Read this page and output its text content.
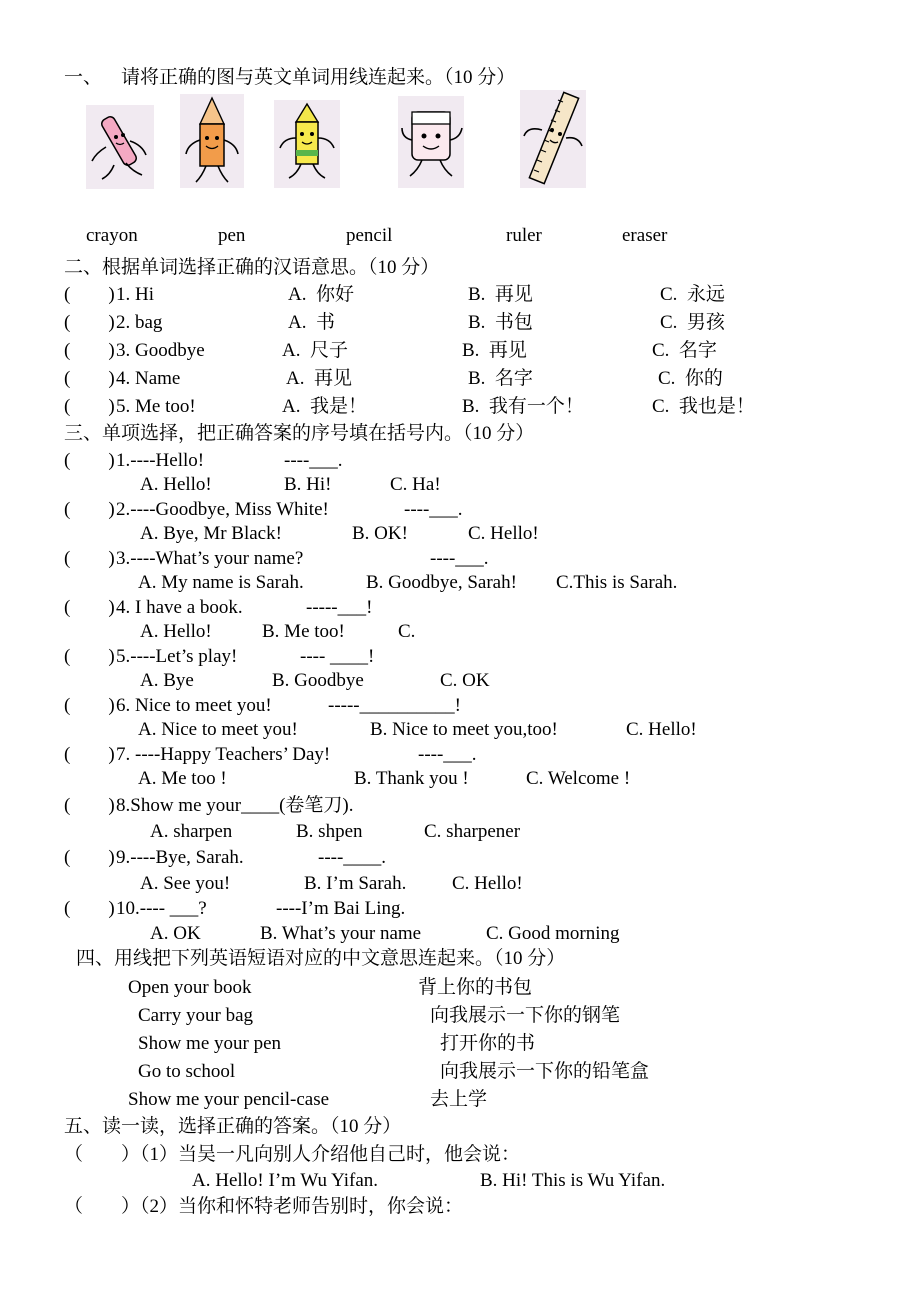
一、    请将正确的图与英文单词用线连起来。（10 分）
crayon	pen	pencil	ruler	eraser
二、根据单词选择正确的汉语意思。（10 分）
(        ) 1. Hi	A.  你好	B.  再见	C.  永远
(        ) 2. bag	A.  书	B.  书包	C.  男孩
(        ) 3. Goodbye	A.  尺子	B.  再见	C.  名字
(        ) 4. Name	A.  再见	B.  名字	C.  你的
(        ) 5. Me too!	A.  我是！	B.  我有一个！	C.  我也是！
三、单项选择，把正确答案的序号填在括号内。（10 分）
(        ) 1.----Hello!	----___.
A. Hello!	B. Hi!	C. Ha!
(        ) 2.----Goodbye, Miss White!	----___.
A. Bye, Mr Black!	B. OK!	C. Hello!
(        ) 3.----What’s your name?	----___.
A. My name is Sarah.	B. Goodbye, Sarah! C.This is Sarah.
(        ) 4. I have a book.	-----___!
A. Hello!	B. Me too!	C.
(        ) 5.----Let’s play!	---- ____!
A. Bye	B. Goodbye	C. OK
(        ) 6. Nice to meet you!	-----__________!
A. Nice to meet you!	B. Nice to meet you,too!	C. Hello!
(        ) 7. ----Happy Teachers’ Day!	----___.
A. Me too !	B. Thank you !	C. Welcome !
(        ) 8.Show me your____(卷笔刀).
A. sharpen	B. shpen	C. sharpener
(        ) 9.----Bye, Sarah.	----____.
A. See you!	B. I’m Sarah. C. Hello!
(        ) 10.---- ___?	----I’m Bai Ling.
A. OK	B. What’s your name	C. Good morning
四、用线把下列英语短语对应的中文意思连起来。（10 分）
Open your book
Carry your bag
Show me your pen
Go to school
Show me your pencil-case
背上你的书包
向我展示一下你的钢笔
打开你的书
向我展示一下你的铅笔盒
去上学
五、读一读，选择正确的答案。（10 分）
（        ）（1）当吴一凡向别人介绍他自己时，他会说：
A. Hello! I’m Wu Yifan.	B. Hi! This is Wu Yifan.
（        ）（2）当你和怀特老师告别时，你会说：
